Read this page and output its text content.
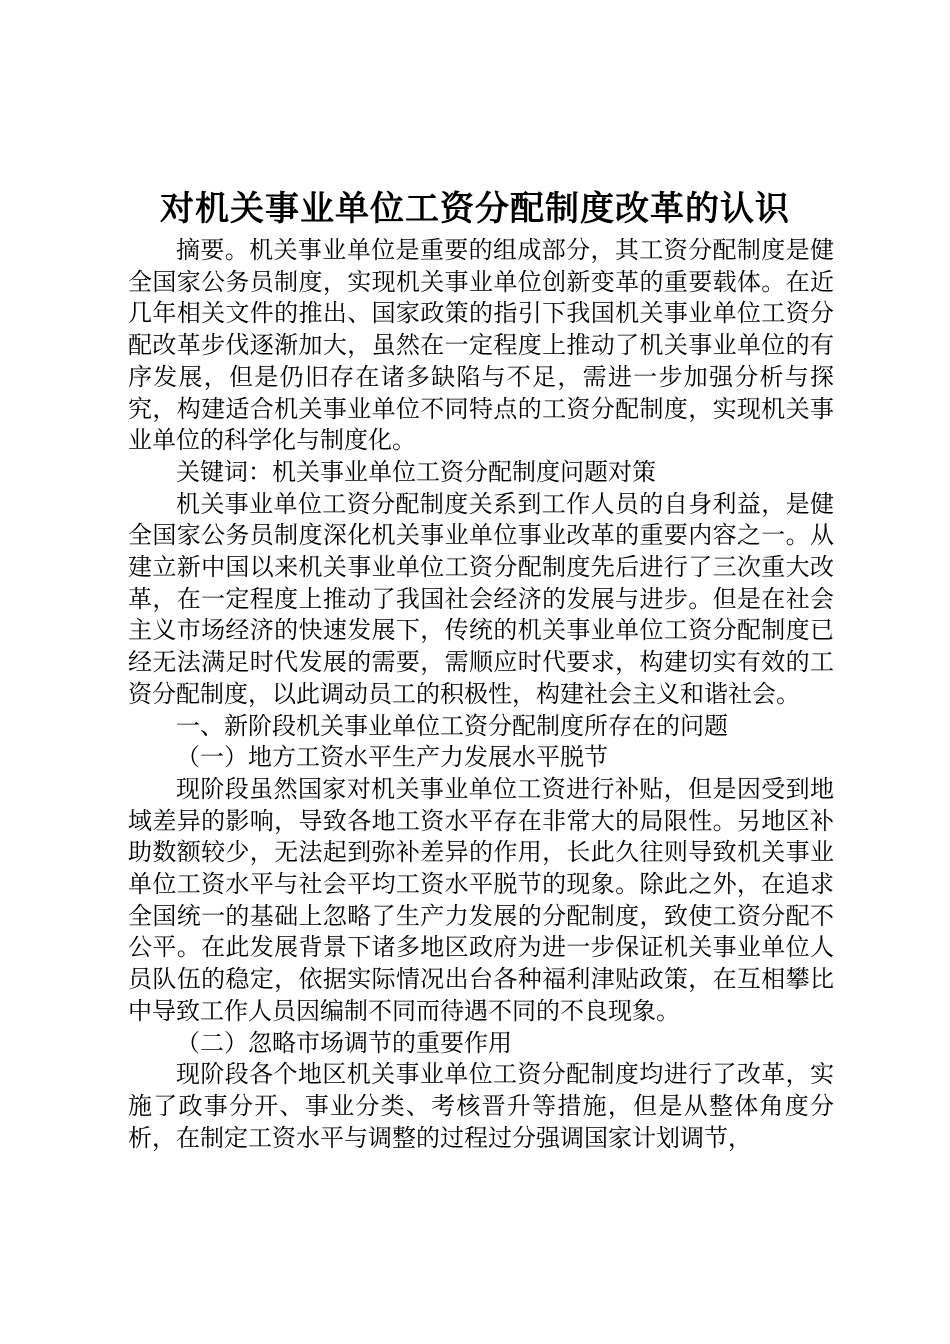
对机关事业单位工资分配制度改革的认识

摘要。机关事业单位是重要的组成部分，其工资分配制度是健全国家公务员制度，实现机关事业单位创新变革的重要载体。在近几年相关文件的推出、国家政策的指引下我国机关事业单位工资分配改革步伐逐渐加大，虽然在一定程度上推动了机关事业单位的有序发展，但是仍旧存在诸多缺陷与不足，需进一步加强分析与探究，构建适合机关事业单位不同特点的工资分配制度，实现机关事业单位的科学化与制度化。

关键词：机关事业单位工资分配制度问题对策

机关事业单位工资分配制度关系到工作人员的自身利益，是健全国家公务员制度深化机关事业单位事业改革的重要内容之一。从建立新中国以来机关事业单位工资分配制度先后进行了三次重大改革，在一定程度上推动了我国社会经济的发展与进步。但是在社会主义市场经济的快速发展下，传统的机关事业单位工资分配制度已经无法满足时代发展的需要，需顺应时代要求，构建切实有效的工资分配制度，以此调动员工的积极性，构建社会主义和谐社会。

一、新阶段机关事业单位工资分配制度所存在的问题

（一）地方工资水平生产力发展水平脱节

现阶段虽然国家对机关事业单位工资进行补贴，但是因受到地域差异的影响，导致各地工资水平存在非常大的局限性。另地区补助数额较少，无法起到弥补差异的作用，长此久往则导致机关事业单位工资水平与社会平均工资水平脱节的现象。除此之外，在追求全国统一的基础上忽略了生产力发展的分配制度，致使工资分配不公平。在此发展背景下诸多地区政府为进一步保证机关事业单位人员队伍的稳定，依据实际情况出台各种福利津贴政策，在互相攀比中导致工作人员因编制不同而待遇不同的不良现象。

（二）忽略市场调节的重要作用

现阶段各个地区机关事业单位工资分配制度均进行了改革，实施了政事分开、事业分类、考核晋升等措施，但是从整体角度分析，在制定工资水平与调整的过程过分强调国家计划调节，
